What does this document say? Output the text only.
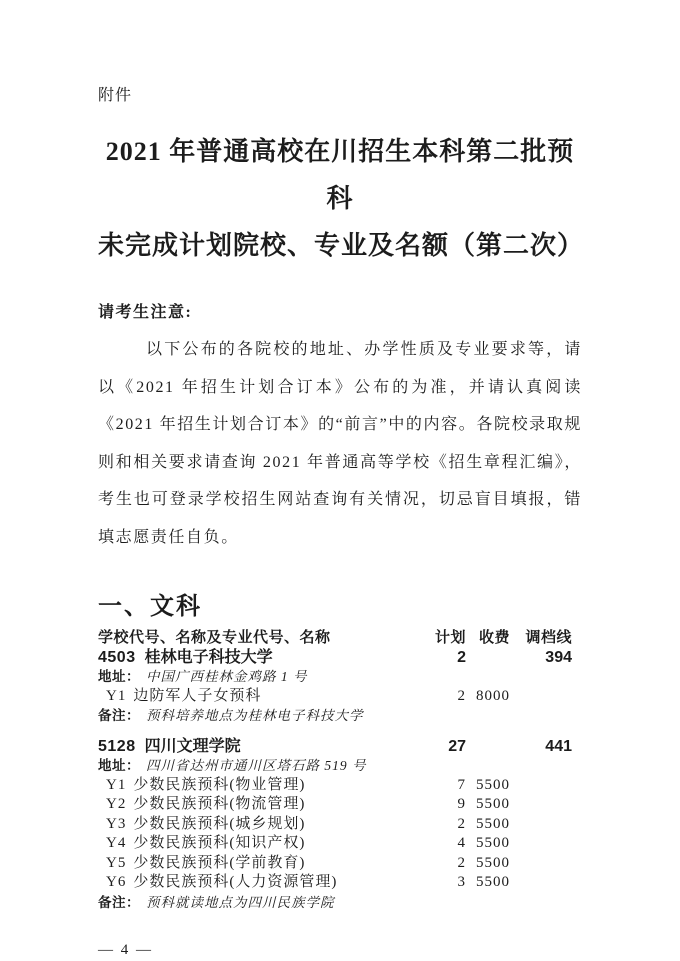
附件
2021 年普通高校在川招生本科第二批预科
未完成计划院校、专业及名额（第二次）
请考生注意:
以下公布的各院校的地址、办学性质及专业要求等，请以《2021 年招生计划合订本》公布的为准，并请认真阅读《2021 年招生计划合订本》的“前言”中的内容。各院校录取规则和相关要求请查询 2021 年普通高等学校《招生章程汇编》，考生也可登录学校招生网站查询有关情况，切忌盲目填报，错填志愿责任自负。
一、文科
学校代号、名称及专业代号、名称	计划 收费	调档线
4503 桂林电子科技大学	2	394
地址： 中国广西桂林金鸡路 1 号
Y1 边防军人子女预科	2 8000
备注： 预科培养地点为桂林电子科技大学
5128 四川文理学院	27	441
地址： 四川省达州市通川区塔石路 519 号
Y1 少数民族预科(物业管理)	7 5500
Y2 少数民族预科(物流管理)	9 5500
Y3 少数民族预科(城乡规划)	2 5500
Y4 少数民族预科(知识产权)	4 5500
Y5 少数民族预科(学前教育)	2 5500
Y6 少数民族预科(人力资源管理)	3 5500
备注： 预科就读地点为四川民族学院
— 4 —
